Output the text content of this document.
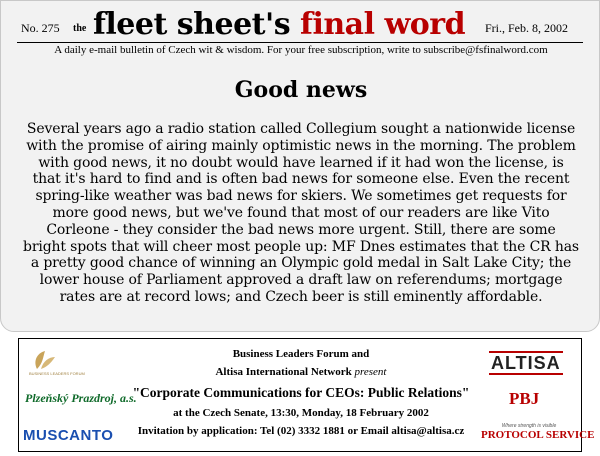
No. 275 the fleet sheet's final word Fri., Feb. 8, 2002
A daily e-mail bulletin of Czech wit & wisdom. For your free subscription, write to subscribe@fsfinalword.com
Good news

Several years ago a radio station called Collegium sought a nationwide license with the promise of airing mainly optimistic news in the morning. The problem with good news, it no doubt would have learned if it had won the license, is that it's hard to find and is often bad news for someone else. Even the recent spring-like weather was bad news for skiers. We sometimes get requests for more good news, but we've found that most of our readers are like Vito Corleone - they consider the bad news more urgent. Still, there are some bright spots that will cheer most people up: MF Dnes estimates that the CR has a pretty good chance of winning an Olympic gold medal in Salt Lake City; the lower house of Parliament approved a draft law on referendums; mortgage rates are at record lows; and Czech beer is still eminently affordable.

BUSINESS LEADERS FORUM
Plzeňský Prazdroj, a.s.
MUSCANTO
Business Leaders Forum and
Altisa International Network present
"Corporate Communications for CEOs: Public Relations"
at the Czech Senate, 13:30, Monday, 18 February 2002
Invitation by application: Tel (02) 3332 1881 or Email altisa@altisa.cz
ALTISA
PBJ
Where strength is visible
PROTOCOL SERVICE
